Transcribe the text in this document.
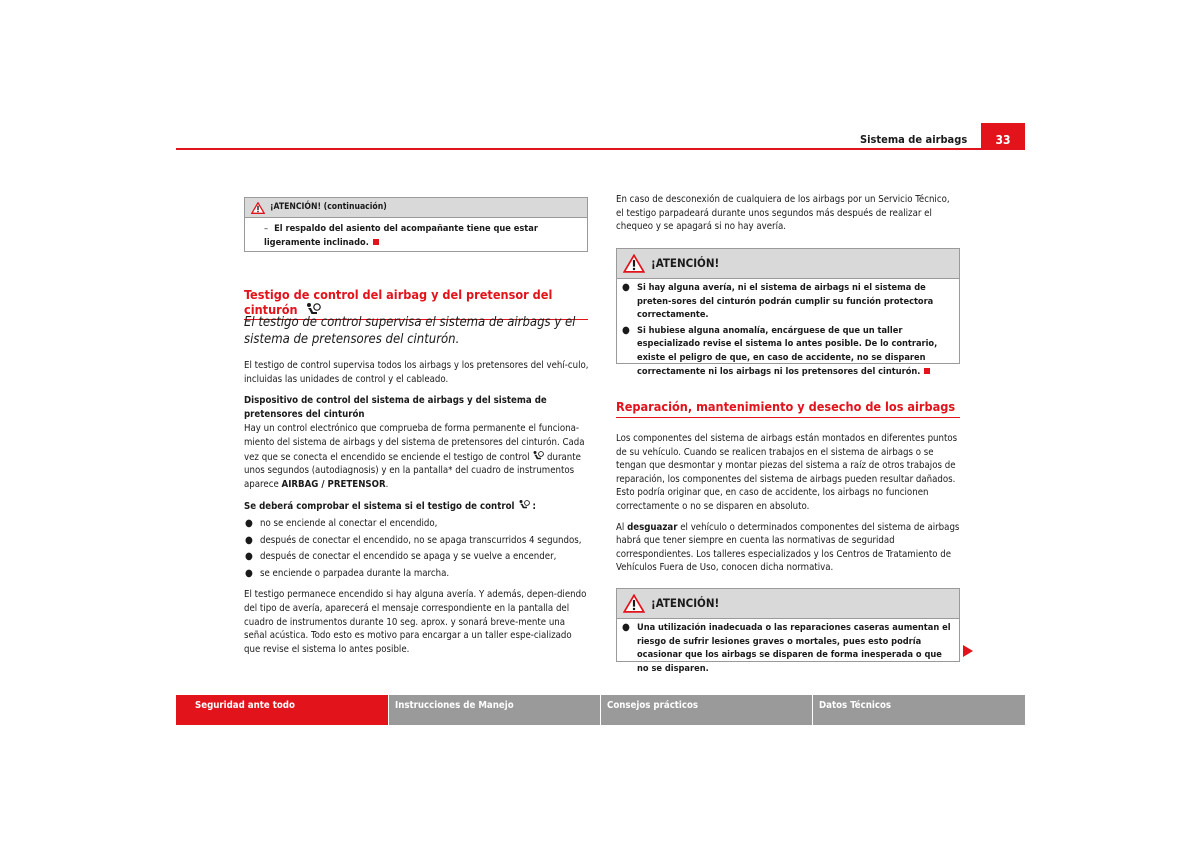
Sistema de airbags	33
¡ATENCIÓN! (continuación)
– El respaldo del asiento del acompañante tiene que estar ligeramente inclinado.
Testigo de control del airbag y del pretensor del cinturón
El testigo de control supervisa el sistema de airbags y el sistema de pretensores del cinturón.

El testigo de control supervisa todos los airbags y los pretensores del vehí-culo, incluidas las unidades de control y el cableado.

Dispositivo de control del sistema de airbags y del sistema de pretensores del cinturón

Hay un control electrónico que comprueba de forma permanente el funciona-miento del sistema de airbags y del sistema de pretensores del cinturón. Cada vez que se conecta el encendido se enciende el testigo de control durante unos segundos (autodiagnosis) y en la pantalla* del cuadro de instrumentos aparece AIRBAG / PRETENSOR.

Se deberá comprobar el sistema si el testigo de control :

● no se enciende al conectar el encendido,
● después de conectar el encendido, no se apaga transcurridos 4 segundos,
● después de conectar el encendido se apaga y se vuelve a encender,
● se enciende o parpadea durante la marcha.

El testigo permanece encendido si hay alguna avería. Y además, depen-diendo del tipo de avería, aparecerá el mensaje correspondiente en la pantalla del cuadro de instrumentos durante 10 seg. aprox. y sonará breve-mente una señal acústica. Todo esto es motivo para encargar a un taller espe-cializado que revise el sistema lo antes posible.

En caso de desconexión de cualquiera de los airbags por un Servicio Técnico, el testigo parpadeará durante unos segundos más después de realizar el chequeo y se apagará si no hay avería.

¡ATENCIÓN!
● Si hay alguna avería, ni el sistema de airbags ni el sistema de preten-sores del cinturón podrán cumplir su función protectora correctamente.
● Si hubiese alguna anomalía, encárguese de que un taller especializado revise el sistema lo antes posible. De lo contrario, existe el peligro de que, en caso de accidente, no se disparen correctamente ni los airbags ni los pretensores del cinturón.
Reparación, mantenimiento y desecho de los airbags

Los componentes del sistema de airbags están montados en diferentes puntos de su vehículo. Cuando se realicen trabajos en el sistema de airbags o se tengan que desmontar y montar piezas del sistema a raíz de otros trabajos de reparación, los componentes del sistema de airbags pueden resultar dañados. Esto podría originar que, en caso de accidente, los airbags no funcionen correctamente o no se disparen en absoluto.

Al desguazar el vehículo o determinados componentes del sistema de airbags habrá que tener siempre en cuenta las normativas de seguridad correspondientes. Los talleres especializados y los Centros de Tratamiento de Vehículos Fuera de Uso, conocen dicha normativa.

¡ATENCIÓN!
● Una utilización inadecuada o las reparaciones caseras aumentan el riesgo de sufrir lesiones graves o mortales, pues esto podría ocasionar que los airbags se disparen de forma inesperada o que no se disparen.
Seguridad ante todo	Instrucciones de Manejo	Consejos prácticos	Datos Técnicos
